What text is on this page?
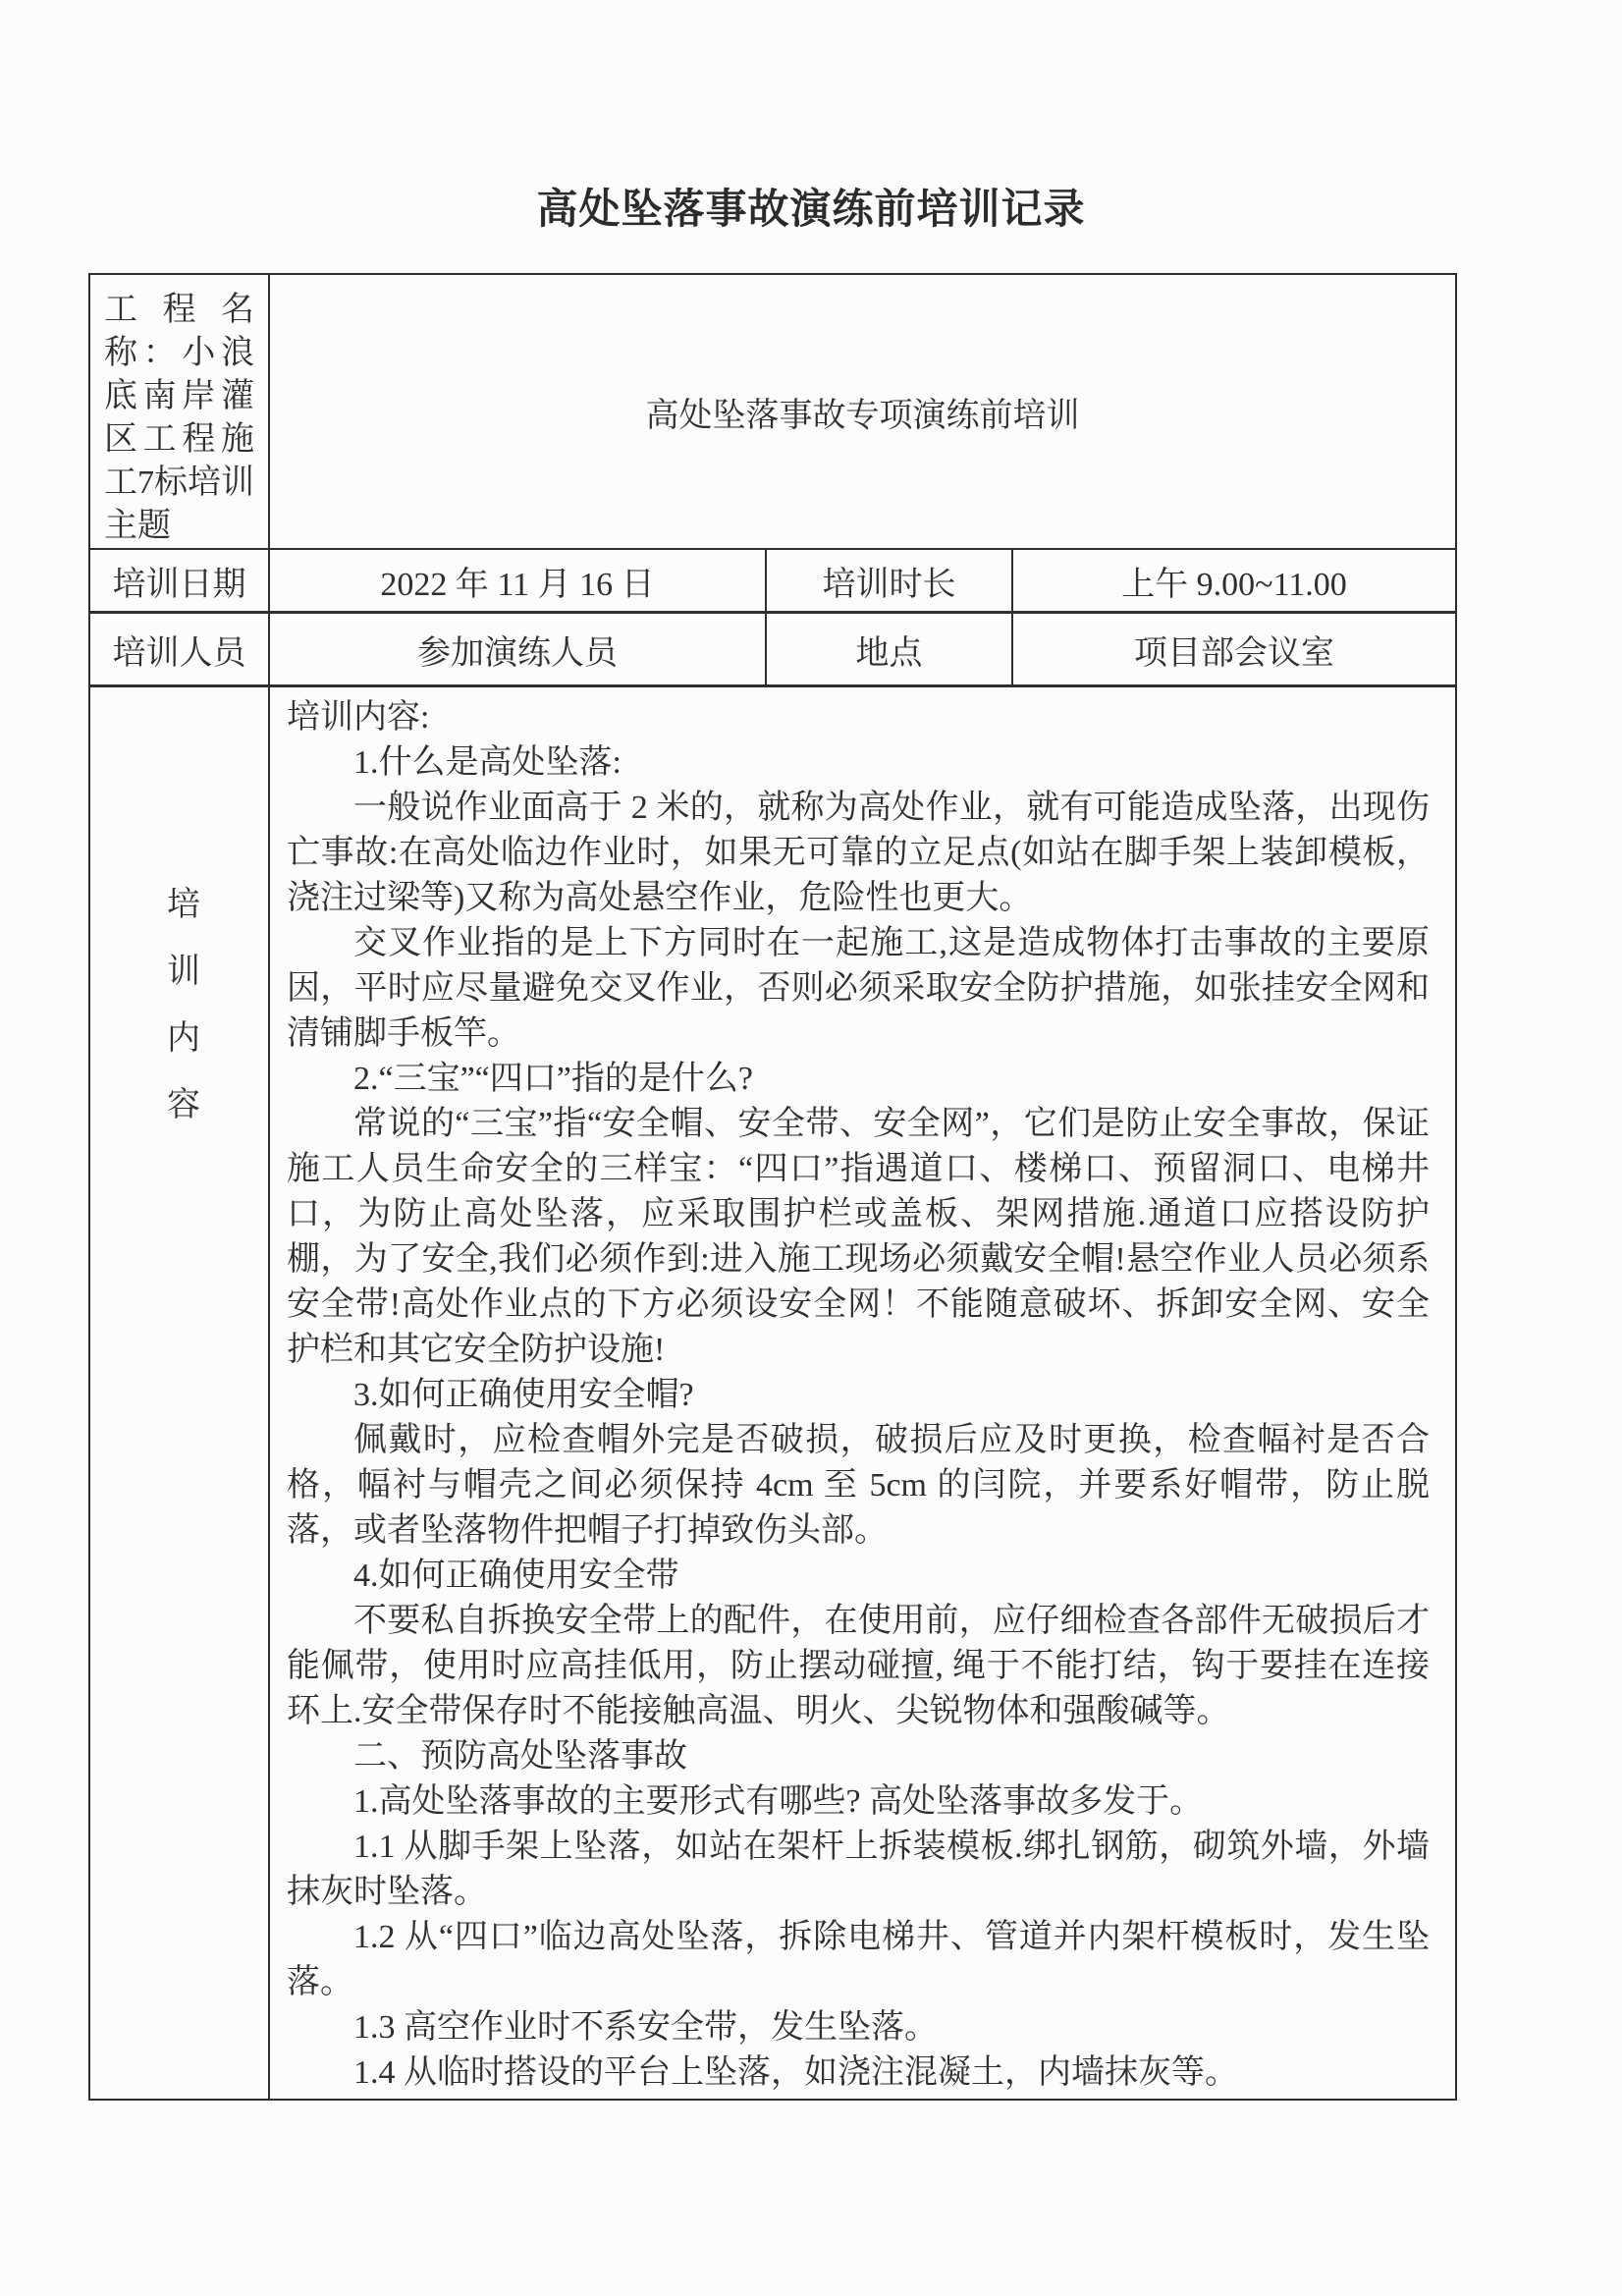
高处坠落事故演练前培训记录
工程名称：小浪底南岸灌区工程施工7标培训主题	高处坠落事故专项演练前培训		
培训日期	2022 年 11 月 16 日	培训时长	上午 9.00~11.00
培训人员	参加演练人员	地点	项目部会议室
培训内容	

培训内容:

1.什么是高处坠落:

一般说作业面高于 2 米的，就称为高处作业，就有可能造成坠落，出现伤亡事故:在高处临边作业时，如果无可靠的立足点(如站在脚手架上装卸模板，浇注过梁等)又称为高处悬空作业，危险性也更大。

交叉作业指的是上下方同时在一起施工,这是造成物体打击事故的主要原因，平时应尽量避免交叉作业，否则必须采取安全防护措施，如张挂安全网和清铺脚手板竿。

2.“三宝”“四口”指的是什么?

常说的“三宝”指“安全帽、安全带、安全网”，它们是防止安全事故，保证施工人员生命安全的三样宝：“四口”指遇道口、楼梯口、预留洞口、电梯井口，为防止高处坠落，应采取围护栏或盖板、架网措施.通道口应搭设防护棚，为了安全,我们必须作到:进入施工现场必须戴安全帽!悬空作业人员必须系安全带!高处作业点的下方必须设安全网！不能随意破坏、拆卸安全网、安全护栏和其它安全防护设施!

3.如何正确使用安全帽?

佩戴时，应检查帽外完是否破损，破损后应及时更换，检查幅衬是否合格，幅衬与帽壳之间必须保持 4cm 至 5cm 的闫院，并要系好帽带，防止脱落，或者坠落物件把帽子打掉致伤头部。

4.如何正确使用安全带

不要私自拆换安全带上的配件，在使用前，应仔细检查各部件无破损后才能佩带，使用时应高挂低用，防止摆动碰擅, 绳于不能打结，钩于要挂在连接环上.安全带保存时不能接触高温、明火、尖锐物体和强酸碱等。

二、预防高处坠落事故

1.高处坠落事故的主要形式有哪些? 高处坠落事故多发于。

1.1 从脚手架上坠落，如站在架杆上拆装模板.绑扎钢筋，砌筑外墙，外墙抹灰时坠落。

1.2 从“四口”临边高处坠落，拆除电梯井、管道并内架杆模板时，发生坠落。

1.3 高空作业时不系安全带，发生坠落。

1.4 从临时搭设的平台上坠落，如浇注混凝土，内墙抹灰等。
